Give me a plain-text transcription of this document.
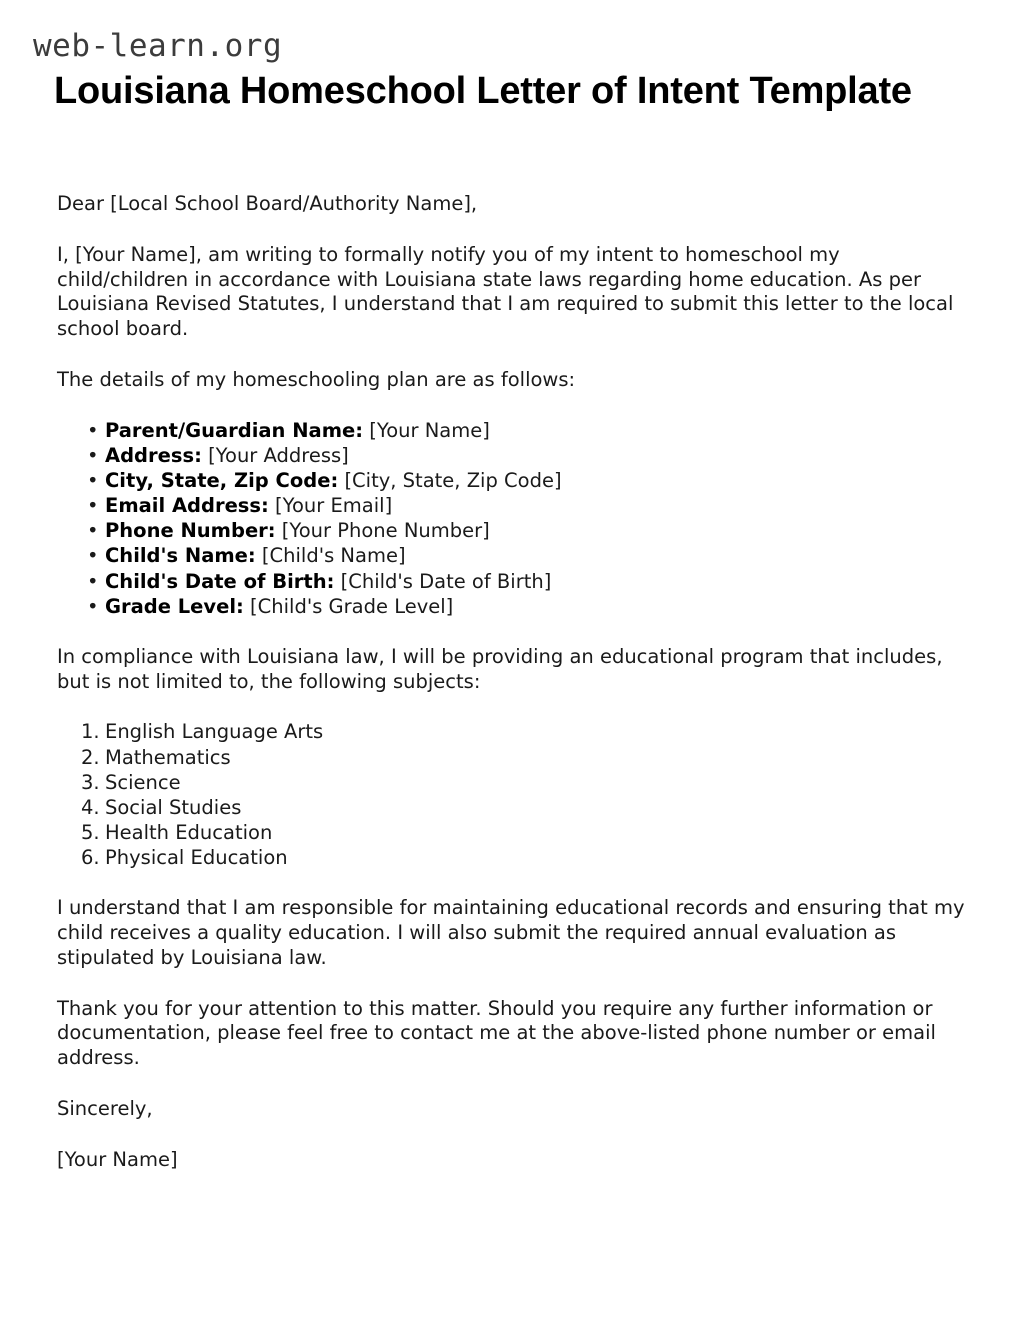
web-learn.org
Louisiana Homeschool Letter of Intent Template

Dear [Local School Board/Authority Name],

I, [Your Name], am writing to formally notify you of my intent to homeschool my child/children in accordance with Louisiana state laws regarding home education. As per Louisiana Revised Statutes, I understand that I am required to submit this letter to the local school board.

The details of my homeschooling plan are as follows:

• Parent/Guardian Name: [Your Name]
• Address: [Your Address]
• City, State, Zip Code: [City, State, Zip Code]
• Email Address: [Your Email]
• Phone Number: [Your Phone Number]
• Child's Name: [Child's Name]
• Child's Date of Birth: [Child's Date of Birth]
• Grade Level: [Child's Grade Level]

In compliance with Louisiana law, I will be providing an educational program that includes, but is not limited to, the following subjects:

English Language Arts
Mathematics
Science
Social Studies
Health Education
Physical Education

I understand that I am responsible for maintaining educational records and ensuring that my child receives a quality education. I will also submit the required annual evaluation as stipulated by Louisiana law.

Thank you for your attention to this matter. Should you require any further information or documentation, please feel free to contact me at the above-listed phone number or email address.

Sincerely,

[Your Name]
